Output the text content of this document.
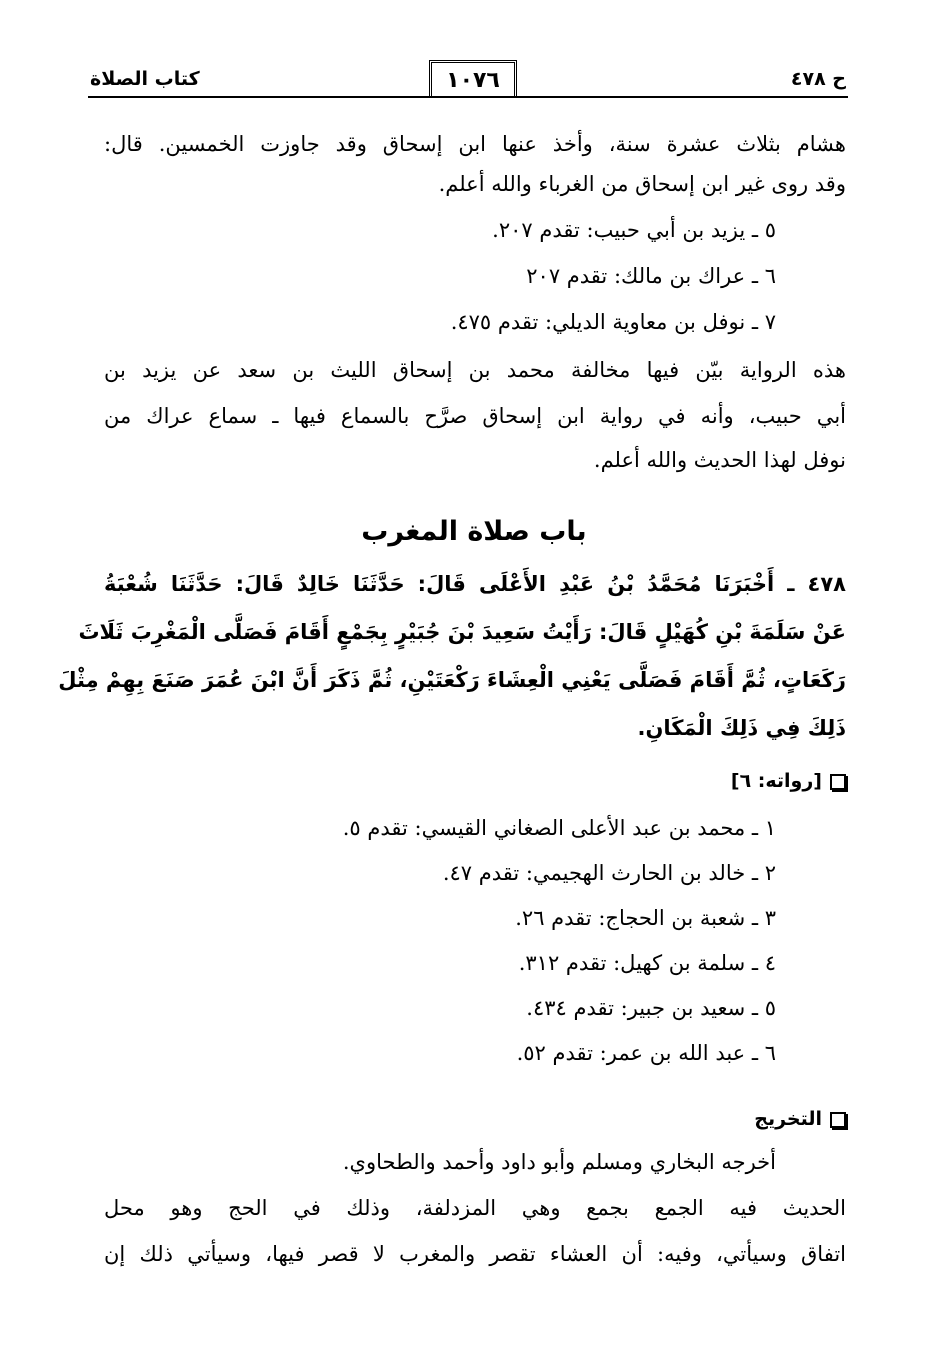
ح ٤٧٨
١٠٧٦
كتاب الصلاة
هشام بثلاث عشرة سنة، وأخذ عنها ابن إسحاق وقد جاوزت الخمسين. قال:
وقد روى غير ابن إسحاق من الغرباء والله أعلم.
٥ ـ يزيد بن أبي حبيب: تقدم ٢٠٧.
٦ ـ عراك بن مالك: تقدم ٢٠٧
٧ ـ نوفل بن معاوية الديلي: تقدم ٤٧٥.
هذه الرواية بيّن فيها مخالفة محمد بن إسحاق الليث بن سعد عن يزيد بن
أبي حبيب، وأنه في رواية ابن إسحاق صرَّح بالسماع فيها ـ سماع عراك من
نوفل لهذا الحديث والله أعلم.
باب صلاة المغرب
٤٧٨ ـ أَخْبَرَنَا مُحَمَّدُ بْنُ عَبْدِ الأَعْلَى قَالَ: حَدَّثَنَا خَالِدٌ قَالَ: حَدَّثَنَا شُعْبَةُ
عَنْ سَلَمَةَ بْنِ كُهَيْلٍ قَالَ: رَأَيْتُ سَعِيدَ بْنَ جُبَيْرٍ بِجَمْعٍ أَقَامَ فَصَلَّى الْمَغْرِبَ ثَلَاثَ
رَكَعَاتٍ، ثُمَّ أَقَامَ فَصَلَّى يَعْنِي الْعِشَاءَ رَكْعَتَيْنِ، ثُمَّ ذَكَرَ أَنَّ ابْنَ عُمَرَ صَنَعَ بِهِمْ مِثْلَ
ذَلِكَ فِي ذَلِكَ الْمَكَانِ.
[رواته: ٦]
١ ـ محمد بن عبد الأعلى الصغاني القيسي: تقدم ٥.
٢ ـ خالد بن الحارث الهجيمي: تقدم ٤٧.
٣ ـ شعبة بن الحجاج: تقدم ٢٦.
٤ ـ سلمة بن كهيل: تقدم ٣١٢.
٥ ـ سعيد بن جبير: تقدم ٤٣٤.
٦ ـ عبد الله بن عمر: تقدم ٥٢.
التخريج
أخرجه البخاري ومسلم وأبو داود وأحمد والطحاوي.
الحديث فيه الجمع بجمع وهي المزدلفة، وذلك في الحج وهو محل
اتفاق وسيأتي، وفيه: أن العشاء تقصر والمغرب لا قصر فيها، وسيأتي ذلك إن
